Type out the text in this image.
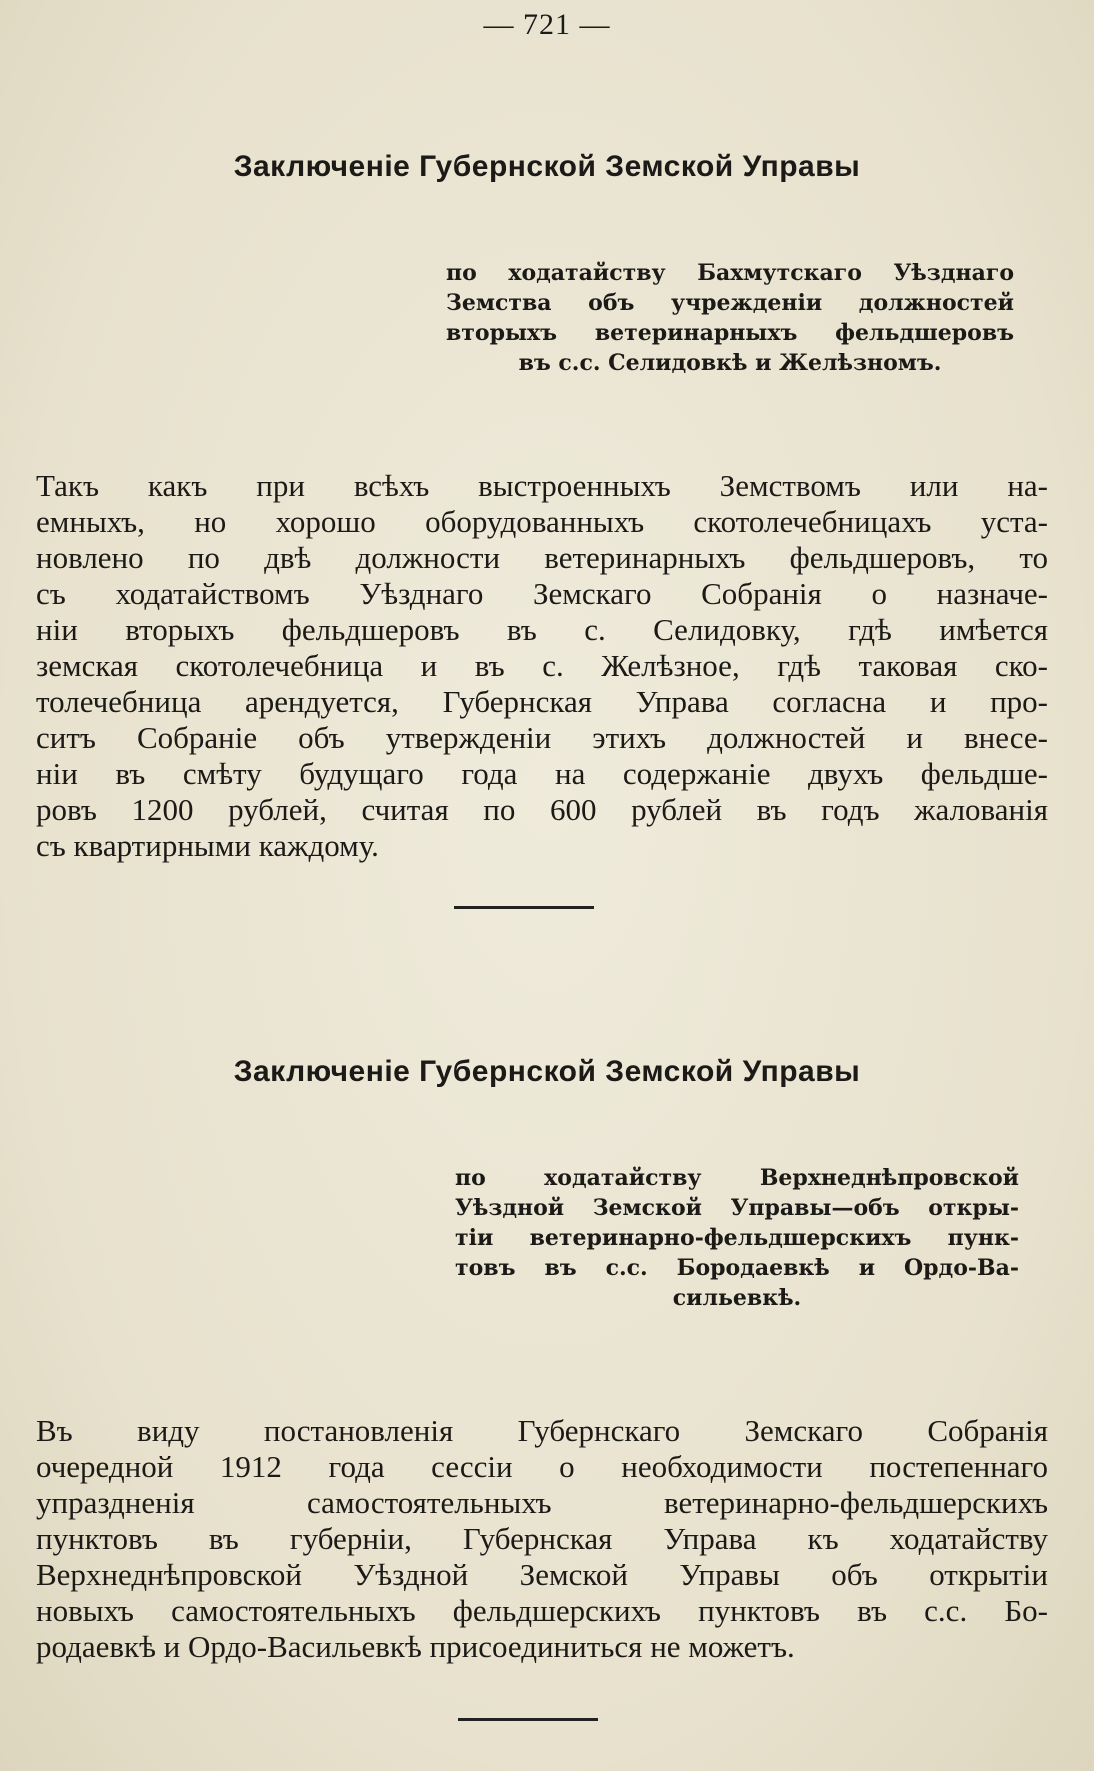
— 721 —
Заключенiе Губернской Земской Управы
по ходатайству Бахмутскаго Уѣзднаго
Земства объ учрежденiи должностей
вторыхъ ветеринарныхъ фельдшеровъ
въ с.с. Селидовкѣ и Желѣзномъ.
Такъ какъ при всѣхъ выстроенныхъ Земствомъ или на-
емныхъ, но хорошо оборудованныхъ скотолечебницахъ уста-
новлено по двѣ должности ветеринарныхъ фельдшеровъ, то
съ ходатайствомъ Уѣзднаго Земскаго Собранiя о назначе-
нiи вторыхъ фельдшеровъ въ с. Селидовку, гдѣ имѣется
земская скотолечебница и въ с. Желѣзное, гдѣ таковая ско-
толечебница арендуется, Губернская Управа согласна и про-
ситъ Собранiе объ утвержденiи этихъ должностей и внесе-
нiи въ смѣту будущаго года на содержанiе двухъ фельдше-
ровъ 1200 рублей, считая по 600 рублей въ годъ жалованiя
съ квартирными каждому.
Заключенiе Губернской Земской Управы
по ходатайству Верхнеднѣпровской
Уѣздной Земской Управы—объ откры-
тiи ветеринарно-фельдшерскихъ пунк-
товъ въ с.с. Бородаевкѣ и Ордо-Ва-
сильевкѣ.
Въ виду постановленiя Губернскаго Земскаго Собранiя
очередной 1912 года сессiи о необходимости постепеннаго
упраздненiя самостоятельныхъ ветеринарно-фельдшерскихъ
пунктовъ въ губернiи, Губернская Управа къ ходатайству
Верхнеднѣпровской Уѣздной Земской Управы объ открытiи
новыхъ самостоятельныхъ фельдшерскихъ пунктовъ въ с.с. Бо-
родаевкѣ и Ордо-Васильевкѣ присоединиться не можетъ.
